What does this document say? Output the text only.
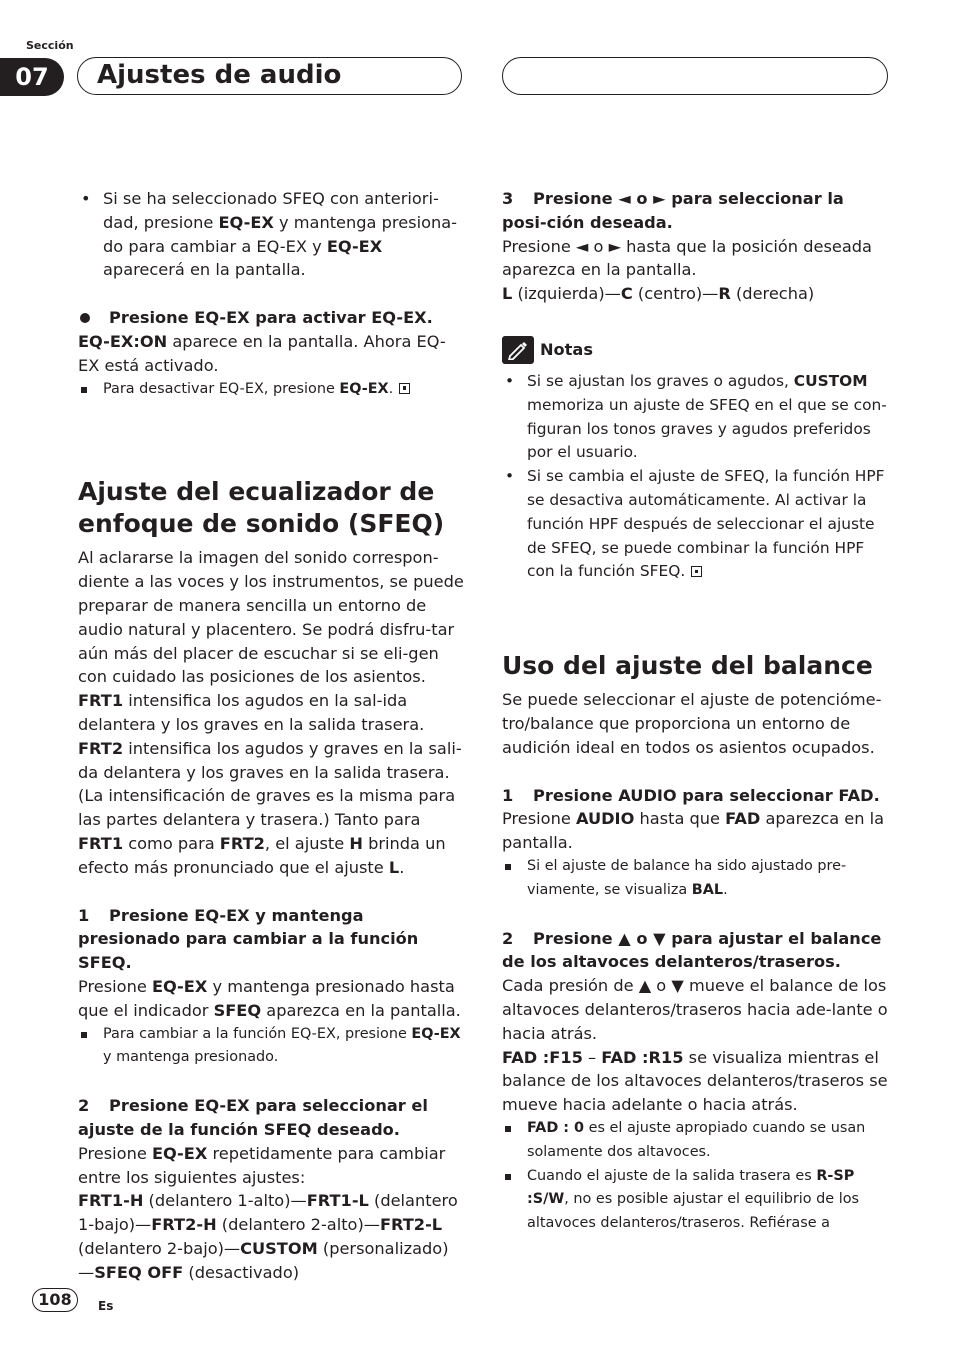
Sección
07	Ajustes de audio

• Si se ha seleccionado SFEQ con anteriori-dad, presione EQ-EX y mantenga presiona-do para cambiar a EQ-EX y EQ-EX aparecerá en la pantalla.

Presione EQ-EX para activar EQ-EX.

EQ-EX:ON aparece en la pantalla. Ahora EQ-EX está activado.

Para desactivar EQ-EX, presione EQ-EX.

Ajuste del ecualizador de enfoque de sonido (SFEQ)

Al aclararse la imagen del sonido correspon-diente a las voces y los instrumentos, se puede preparar de manera sencilla un entorno de audio natural y placentero. Se podrá disfru-tar aún más del placer de escuchar si se eli-gen con cuidado las posiciones de los asientos. FRT1 intensifica los agudos en la sal-ida delantera y los graves en la salida trasera. FRT2 intensifica los agudos y graves en la sali-da delantera y los graves en la salida trasera. (La intensificación de graves es la misma para las partes delantera y trasera.) Tanto para FRT1 como para FRT2, el ajuste H brinda un efecto más pronunciado que el ajuste L.

1 Presione EQ-EX y mantenga presionado para cambiar a la función SFEQ.

Presione EQ-EX y mantenga presionado hasta que el indicador SFEQ aparezca en la pantalla.

Para cambiar a la función EQ-EX, presione EQ-EX y mantenga presionado.

2 Presione EQ-EX para seleccionar el ajuste de la función SFEQ deseado.

Presione EQ-EX repetidamente para cambiar entre los siguientes ajustes:

FRT1-H (delantero 1-alto)—FRT1-L (delantero 1-bajo)—FRT2-H (delantero 2-alto)—FRT2-L (delantero 2-bajo)—CUSTOM (personalizado) —SFEQ OFF (desactivado)

3 Presione ◄ o ► para seleccionar la posi-ción deseada.

Presione ◄ o ► hasta que la posición deseada aparezca en la pantalla.

L (izquierda)—C (centro)—R (derecha)

Notas

• Si se ajustan los graves o agudos, CUSTOM memoriza un ajuste de SFEQ en el que se con-figuran los tonos graves y agudos preferidos por el usuario.

• Si se cambia el ajuste de SFEQ, la función HPF se desactiva automáticamente. Al activar la función HPF después de seleccionar el ajuste de SFEQ, se puede combinar la función HPF con la función SFEQ.

Uso del ajuste del balance

Se puede seleccionar el ajuste de potencióme-tro/balance que proporciona un entorno de audición ideal en todos os asientos ocupados.

1 Presione AUDIO para seleccionar FAD.

Presione AUDIO hasta que FAD aparezca en la pantalla.

Si el ajuste de balance ha sido ajustado pre-viamente, se visualiza BAL.

2 Presione ▲ o ▼ para ajustar el balance de los altavoces delanteros/traseros.

Cada presión de ▲ o ▼ mueve el balance de los altavoces delanteros/traseros hacia ade-lante o hacia atrás.

FAD :F15 – FAD :R15 se visualiza mientras el balance de los altavoces delanteros/traseros se mueve hacia adelante o hacia atrás.

FAD : 0 es el ajuste apropiado cuando se usan solamente dos altavoces.

Cuando el ajuste de la salida trasera es R-SP :S/W, no es posible ajustar el equilibrio de los altavoces delanteros/traseros. Refiérase a

108	Es
